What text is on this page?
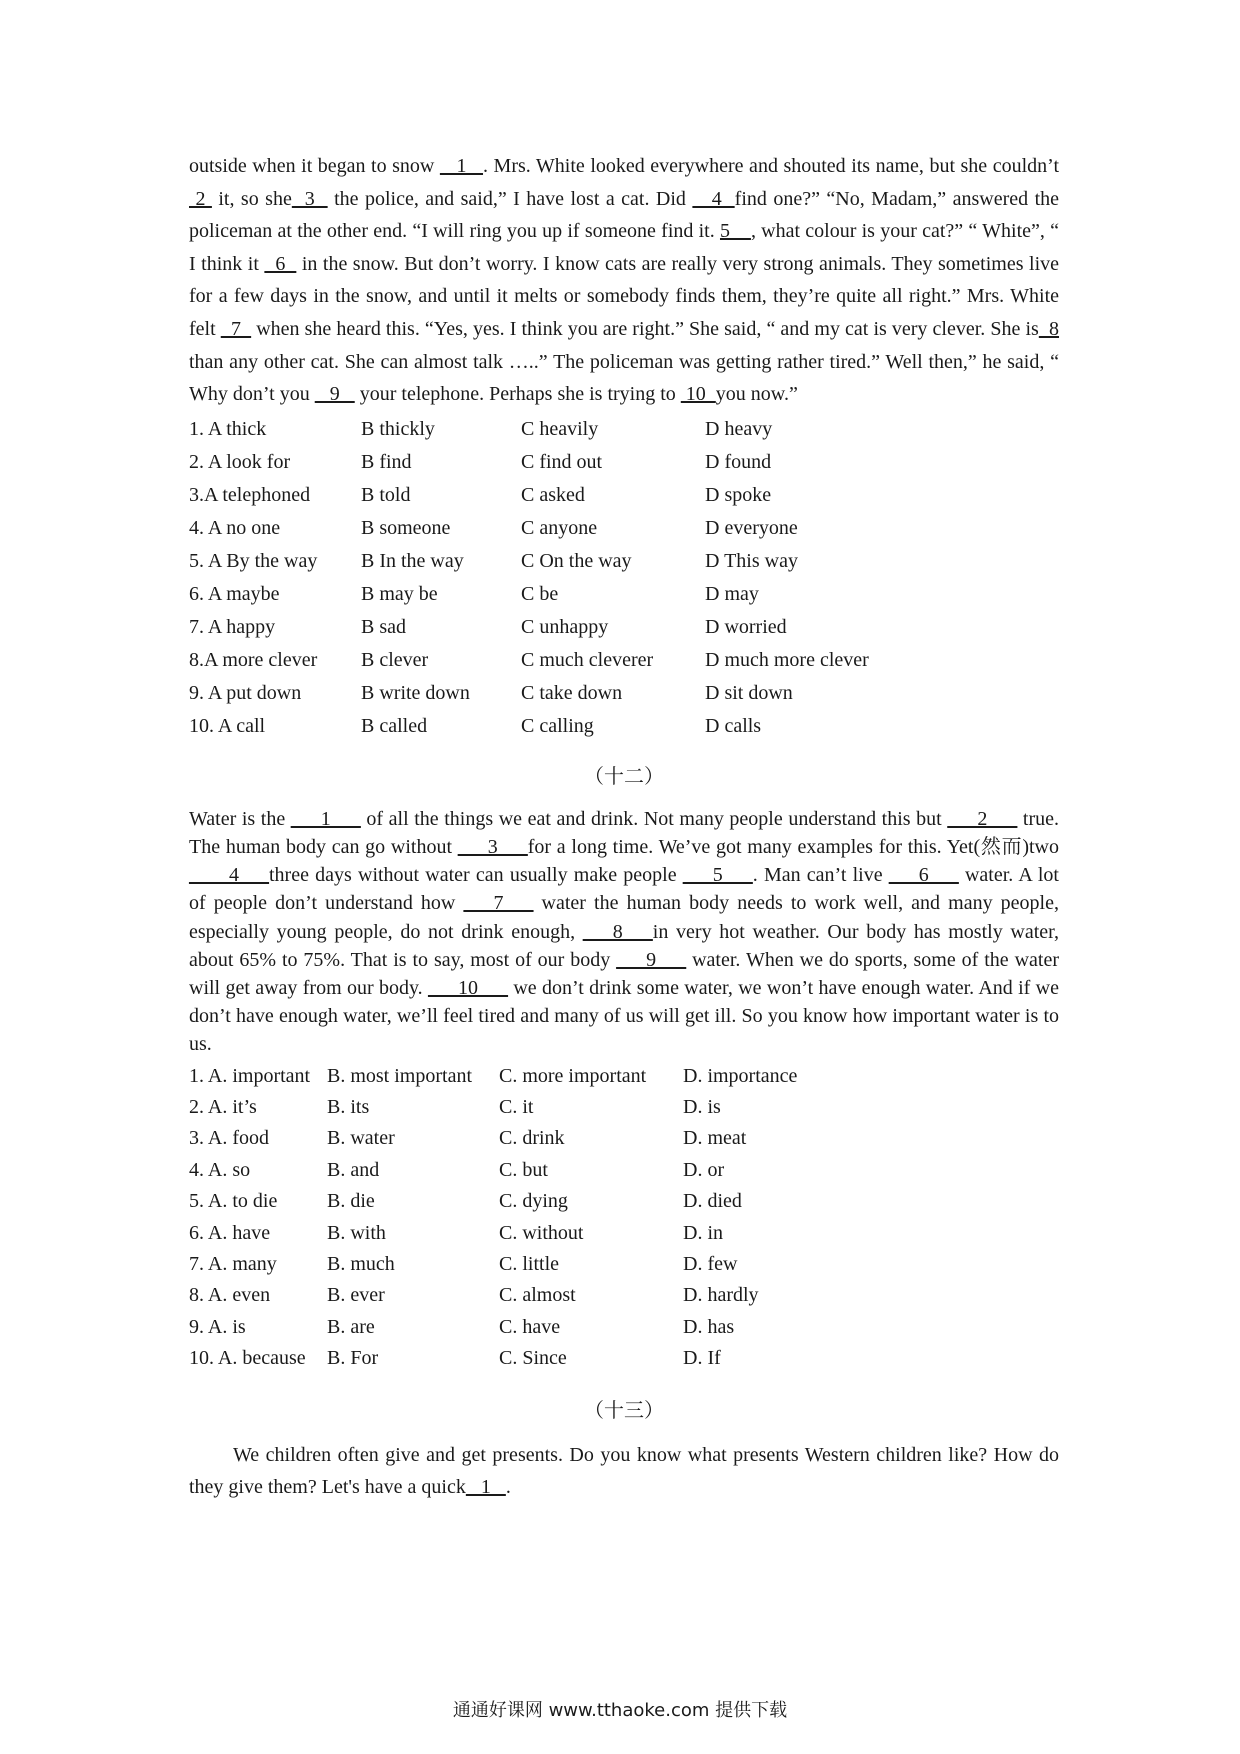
outside when it began to snow    1   . Mrs. White looked everywhere and shouted its name, but she couldn’t  2  it, so she  3   the police, and said,” I have lost a cat. Did    4  find one?” “No, Madam,” answered the policeman at the other end. “I will ring you up if someone find it. 5    , what colour is your cat?” “ White”, “ I think it   6   in the snow. But don’t worry. I know cats are really very strong animals. They sometimes live for a few days in the snow, and until it melts or somebody finds them, they’re quite all right.” Mrs. White felt   7   when she heard this. “Yes, yes. I think you are right.” She said, “ and my cat is very clever. She is  8 than any other cat. She can almost talk …..” The policeman was getting rather tired.” Well then,” he said, “ Why don’t you    9    your telephone. Perhaps she is trying to  10  you now.”

1. A thick	B thickly	C heavily	D heavy
2. A look for	B find	C find out	D found
3.A telephoned	B told	C asked	D spoke
4. A no one	B someone	C anyone	D everyone
5. A By the way	B In the way	C On the way	D This way
6. A maybe	B may be	C be	D may
7. A happy	B sad	C unhappy	D worried
8.A more clever	B clever	C much cleverer	D much more clever
9. A put down	B write down	C take down	D sit down
10. A call	B called	C calling	D calls
（十二）

Water is the ___1___ of all the things we eat and drink. Not many people understand this but ___2___ true. The human body can go without ___3___for a long time. We’ve got many examples for this. Yet(然而)two ____4___three days without water can usually make people ___5___. Man can’t live ___6___ water. A lot of people don’t understand how ___7___ water the human body needs to work well, and many people, especially young people, do not drink enough, ___8___in very hot weather. Our body has mostly water, about 65% to 75%. That is to say, most of our body ___9___ water. When we do sports, some of the water will get away from our body. ___10___ we don’t drink some water, we won’t have enough water. And if we don’t have enough water, we’ll feel tired and many of us will get ill. So you know how important water is to us.

1. A. important	B. most important	C. more important	D. importance
2. A. it’s	B. its	C. it	D. is
3. A. food	B. water	C. drink	D. meat
4. A. so	B. and	C. but	D. or
5. A. to die	B. die	C. dying	D. died
6. A. have	B. with	C. without	D. in
7. A. many	B. much	C. little	D. few
8. A. even	B. ever	C. almost	D. hardly
9. A. is	B. are	C. have	D. has
10. A. because	B. For	C. Since	D. If
（十三）

We children often give and get presents. Do you know what presents Western children like? How do they give them? Let's have a quick   1   .

通通好课网 www.tthaoke.com 提供下载
